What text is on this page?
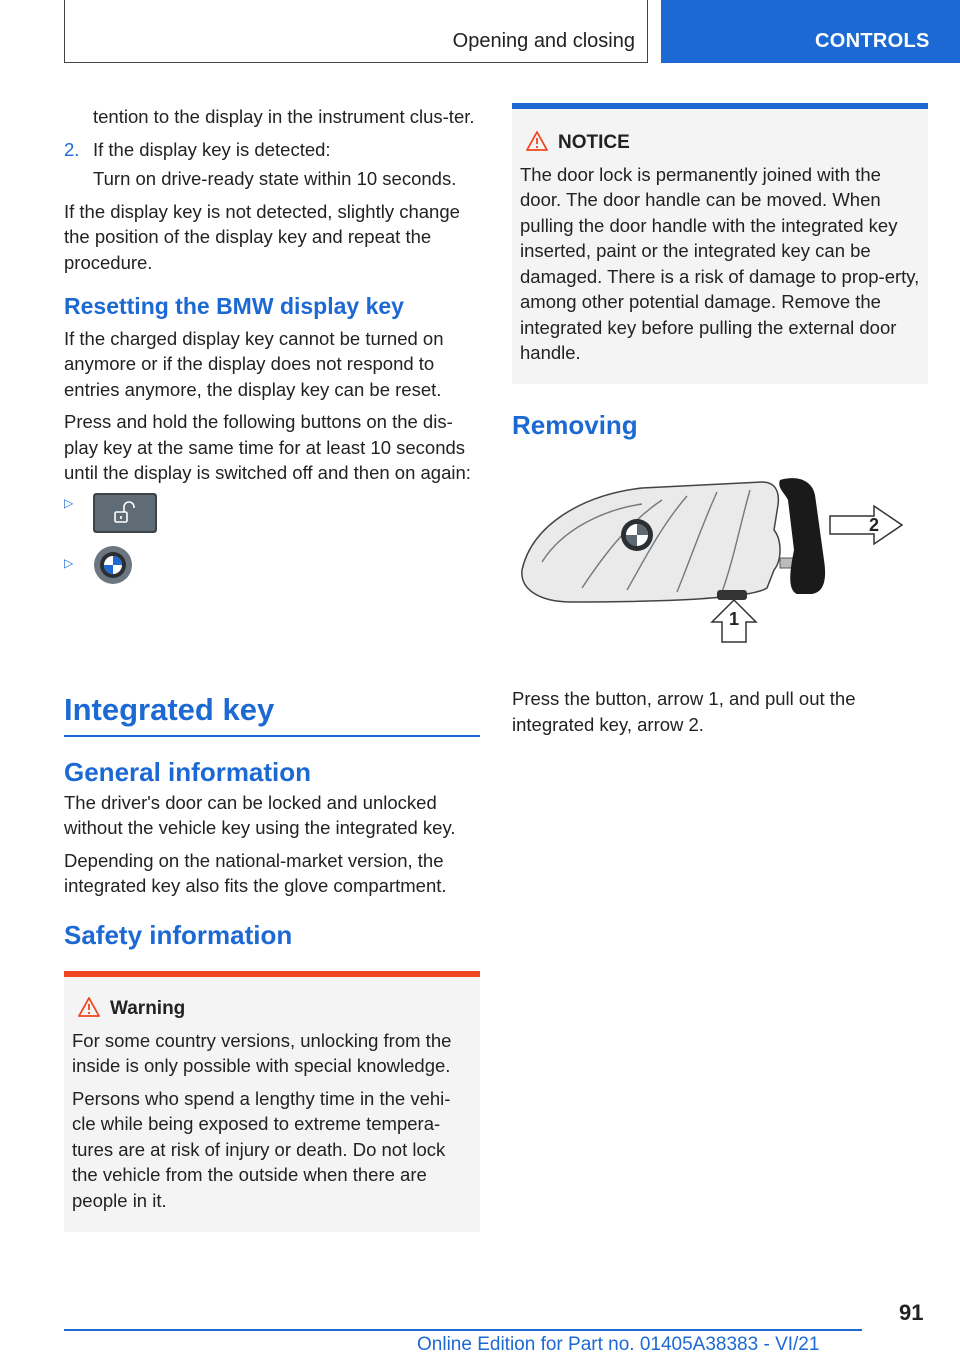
Opening and closing	CONTROLS

tention to the display in the instrument clus-ter.

2. If the display key is detected:

Turn on drive-ready state within 10 seconds.

If the display key is not detected, slightly change the position of the display key and repeat the procedure.

Resetting the BMW display key

If the charged display key cannot be turned on anymore or if the display does not respond to entries anymore, the display key can be reset.

Press and hold the following buttons on the dis-play key at the same time for at least 10 seconds until the display is switched off and then on again:

▷
▷

Integrated key

General information

The driver's door can be locked and unlocked without the vehicle key using the integrated key.

Depending on the national-market version, the integrated key also fits the glove compartment.

Safety information

Warning

For some country versions, unlocking from the inside is only possible with special knowledge.

Persons who spend a lengthy time in the vehi-cle while being exposed to extreme tempera-tures are at risk of injury or death. Do not lock the vehicle from the outside when there are people in it.

NOTICE

The door lock is permanently joined with the door. The door handle can be moved. When pulling the door handle with the integrated key inserted, paint or the integrated key can be damaged. There is a risk of damage to prop-erty, among other potential damage. Remove the integrated key before pulling the external door handle.

Removing

2
1

Press the button, arrow 1, and pull out the integrated key, arrow 2.

91
Online Edition for Part no. 01405A38383 - VI/21
